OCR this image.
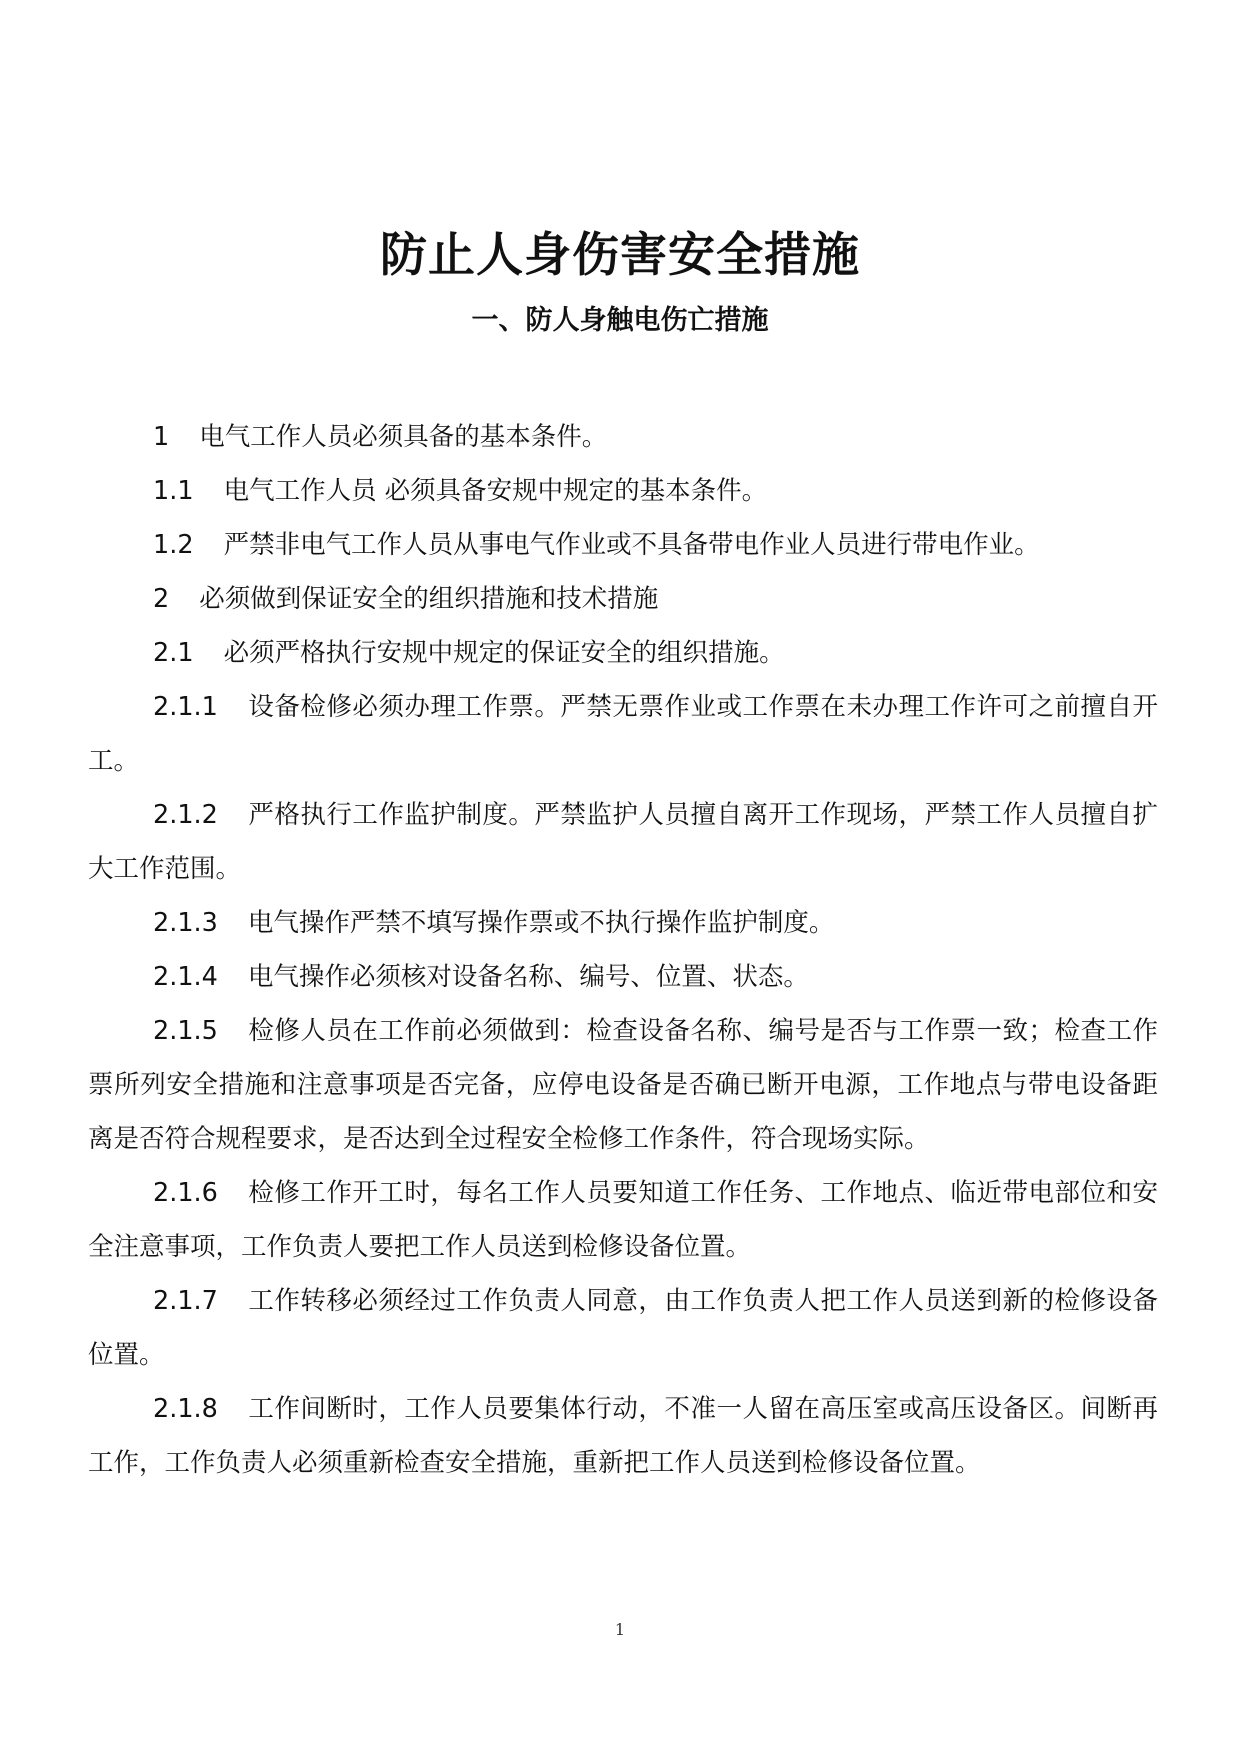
防止人身伤害安全措施
一、防人身触电伤亡措施

1 电气工作人员必须具备的基本条件。

1.1 电气工作人员 必须具备安规中规定的基本条件。

1.2 严禁非电气工作人员从事电气作业或不具备带电作业人员进行带电作业。

2 必须做到保证安全的组织措施和技术措施

2.1 必须严格执行安规中规定的保证安全的组织措施。

2.1.1 设备检修必须办理工作票。严禁无票作业或工作票在未办理工作许可之前擅自开工。

2.1.2 严格执行工作监护制度。严禁监护人员擅自离开工作现场，严禁工作人员擅自扩大工作范围。

2.1.3 电气操作严禁不填写操作票或不执行操作监护制度。

2.1.4 电气操作必须核对设备名称、编号、位置、状态。

2.1.5 检修人员在工作前必须做到：检查设备名称、编号是否与工作票一致；检查工作票所列安全措施和注意事项是否完备，应停电设备是否确已断开电源，工作地点与带电设备距离是否符合规程要求，是否达到全过程安全检修工作条件，符合现场实际。

2.1.6 检修工作开工时，每名工作人员要知道工作任务、工作地点、临近带电部位和安全注意事项，工作负责人要把工作人员送到检修设备位置。

2.1.7 工作转移必须经过工作负责人同意，由工作负责人把工作人员送到新的检修设备位置。

2.1.8 工作间断时，工作人员要集体行动，不准一人留在高压室或高压设备区。间断再工作，工作负责人必须重新检查安全措施，重新把工作人员送到检修设备位置。

1
